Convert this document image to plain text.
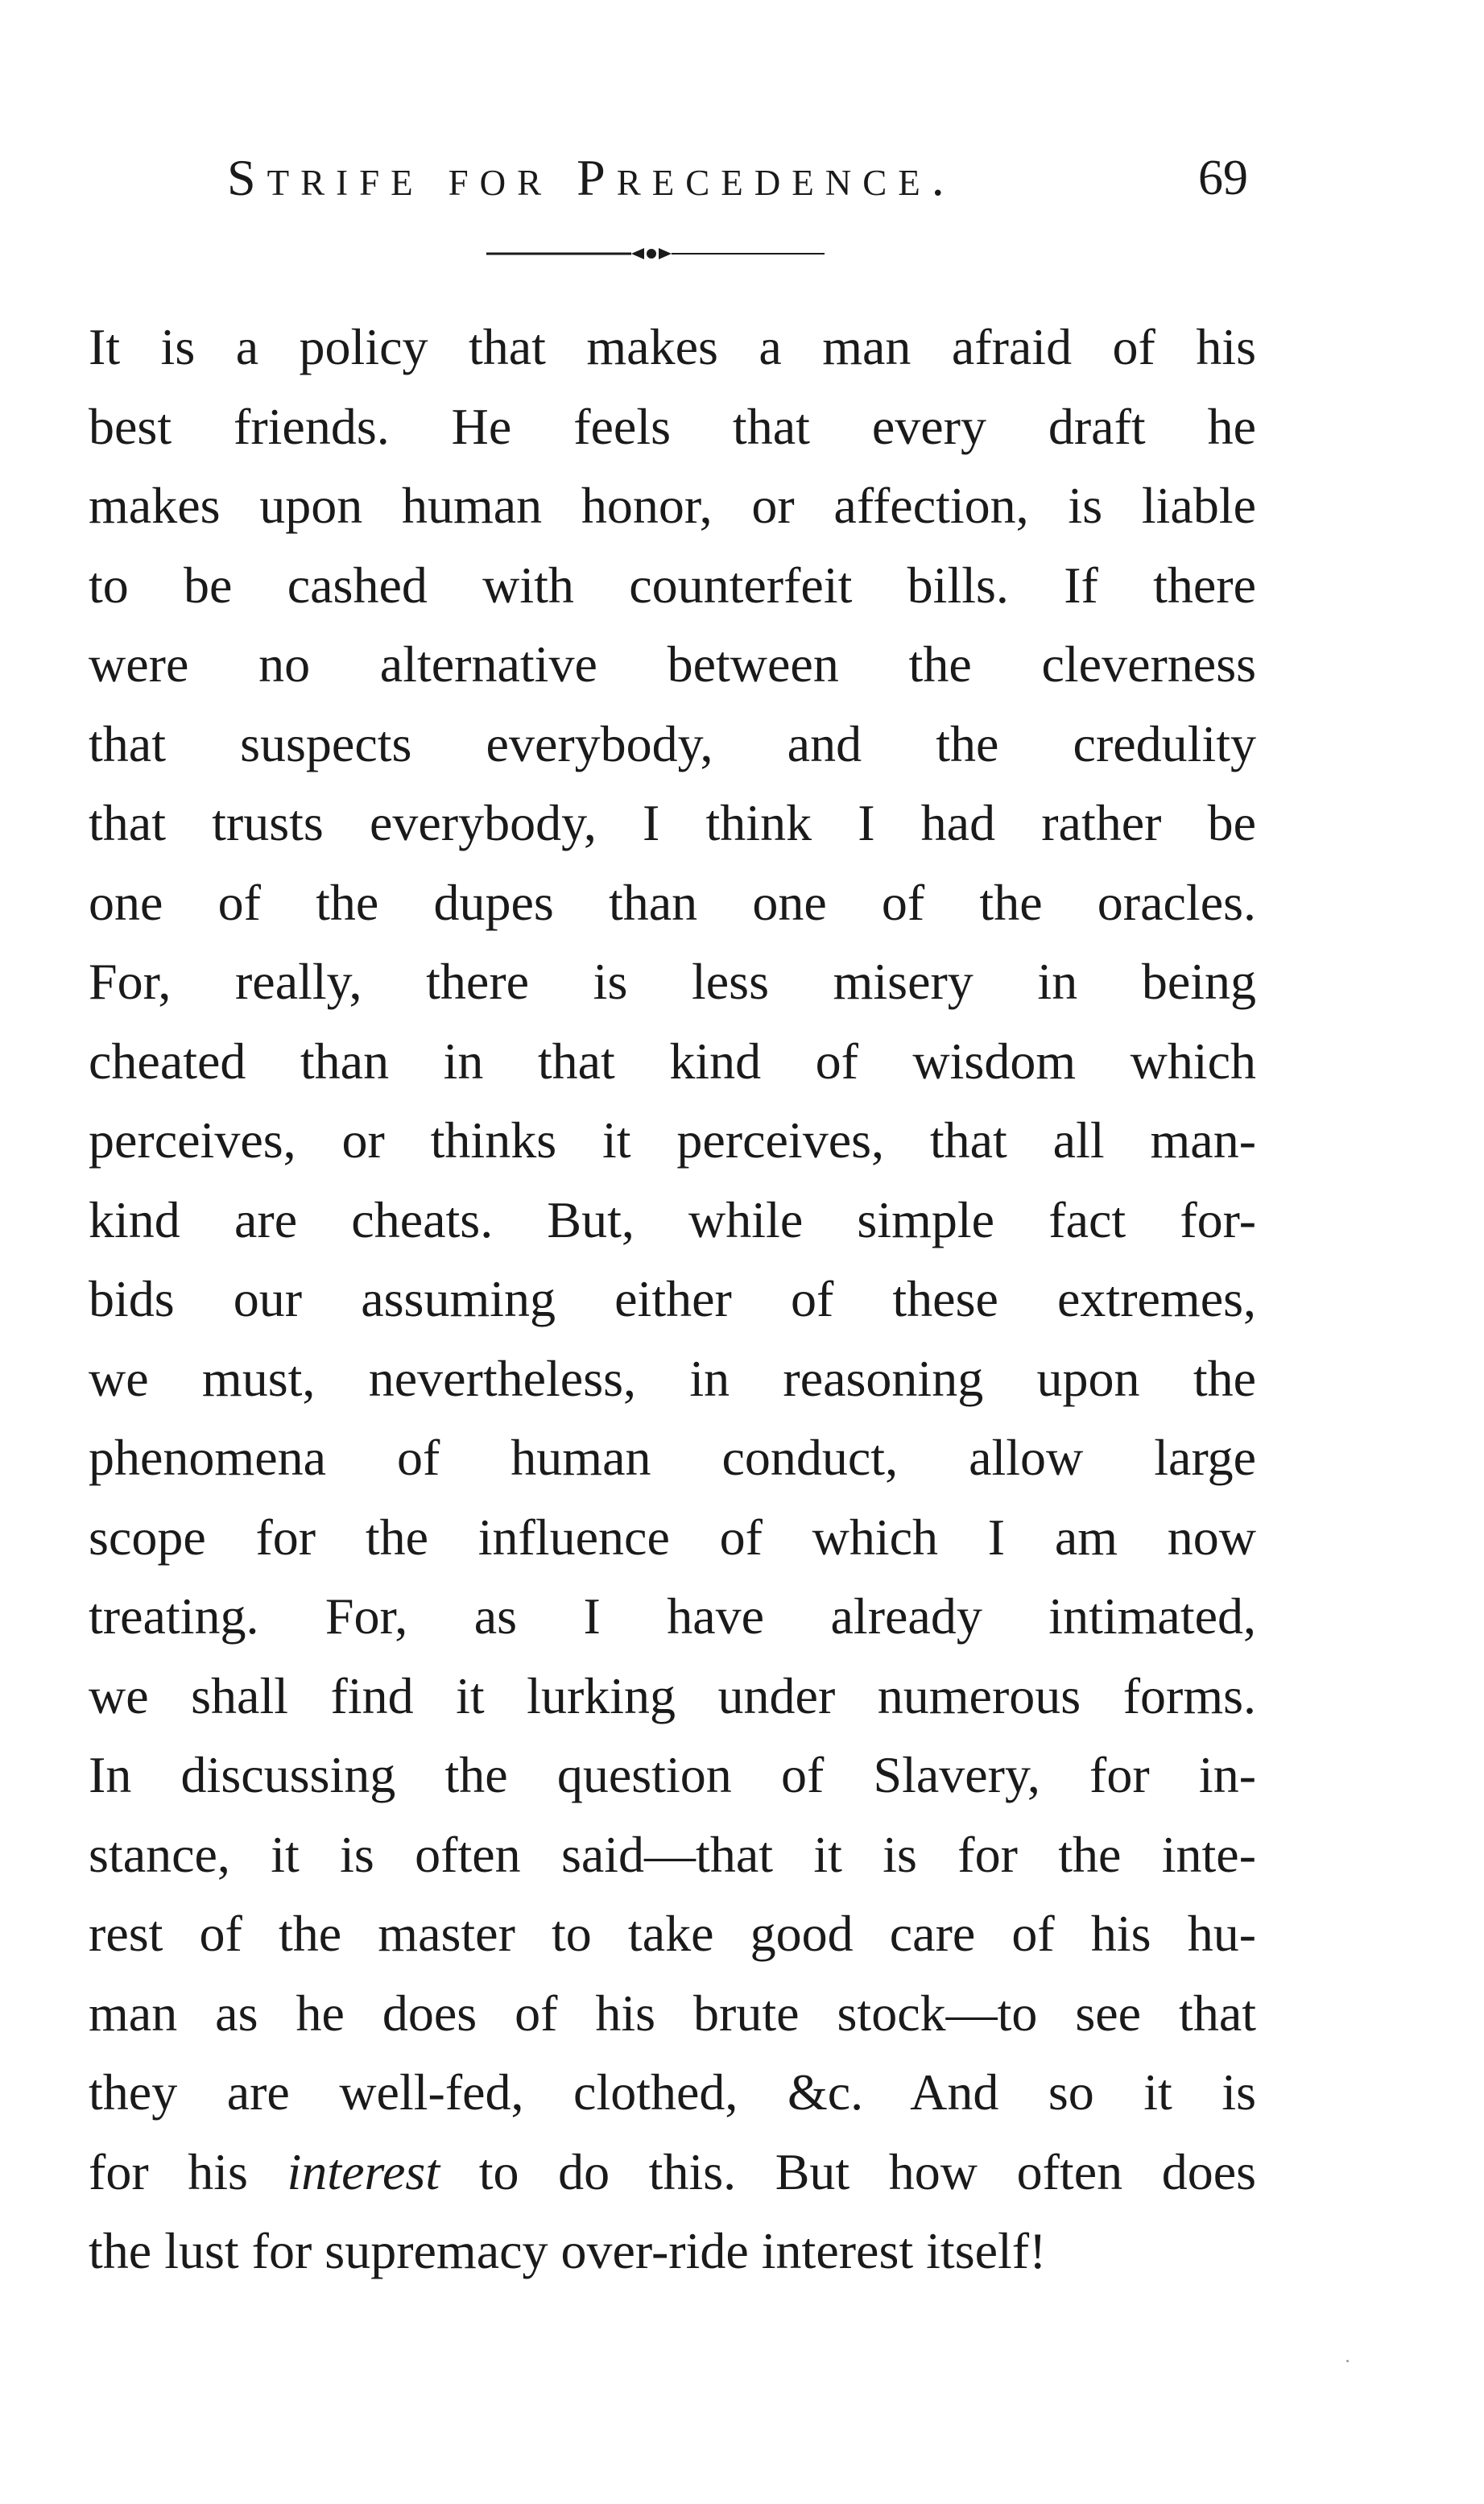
Strife for Precedence.	69
It is a policy that makes a man afraid of his
best friends. He feels that every draft he
makes upon human honor, or affection, is liable
to be cashed with counterfeit bills. If there
were no alternative between the cleverness
that suspects everybody, and the credulity
that trusts everybody, I think I had rather be
one of the dupes than one of the oracles.
For, really, there is less misery in being
cheated than in that kind of wisdom which
perceives, or thinks it perceives, that all man-
kind are cheats. But, while simple fact for-
bids our assuming either of these extremes,
we must, nevertheless, in reasoning upon the
phenomena of human conduct, allow large
scope for the influence of which I am now
treating. For, as I have already intimated,
we shall find it lurking under numerous forms.
In discussing the question of Slavery, for in-
stance, it is often said—that it is for the inte-
rest of the master to take good care of his hu-
man as he does of his brute stock—to see that
they are well-fed, clothed, &c. And so it is
for his interest to do this. But how often does
the lust for supremacy over-ride interest itself!
